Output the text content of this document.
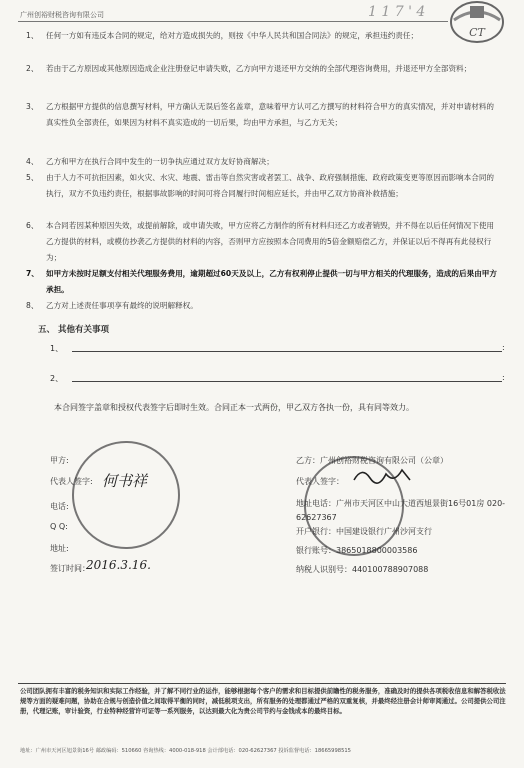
广州创裕财税咨询有限公司	1 1 7 ' 4
CT
1、 任何一方如有违反本合同的规定，给对方造成损失的，则按《中华人民共和国合同法》的规定，承担违约责任；
2、 若由于乙方原因或其他原因造成企业注册登记申请失败，乙方向甲方退还甲方交纳的全部代理咨询费用，并退还甲方全部资料；
3、 乙方根据甲方提供的信息撰写材料，甲方确认无误后签名盖章，意味着甲方认可乙方撰写的材料符合甲方的真实情况，并对申请材料的真实性负全部责任，如果因为材料不真实造成的一切后果，均由甲方承担，与乙方无关；
4、 乙方和甲方在执行合同中发生的一切争执应通过双方友好协商解决；
5、 由于人力不可抗拒因素，如火灾、水灾、地震、雷击等自然灾害或者罢工、战争、政府强制措施、政府政策变更等原因而影响本合同的执行，双方不负违约责任，根据事故影响的时间可将合同履行时间相应延长，并由甲乙双方协商补救措施；
6、 本合同若因某种原因失效，或提前解除，或申请失败，甲方应将乙方制作的所有材料归还乙方或者销毁，并不得在以后任何情况下使用乙方提供的材料，或模仿抄袭乙方提供的材料的内容，否则甲方应按照本合同费用的5倍金额赔偿乙方，并保证以后不得再有此侵权行为；
7、 如甲方未按时足额支付相关代理服务费用，逾期超过60天及以上，乙方有权利停止提供一切与甲方相关的代理服务，造成的后果由甲方承担。
8、 乙方对上述责任事项享有最终的说明解释权。
五、 其他有关事项
1、	:
2、	:
本合同签字盖章和授权代表签字后即时生效。合同正本一式两份，甲乙双方各执一份，具有同等效力。
甲方:
代表人签字: 何书祥
电话:
Q Q:
地址:
签订时间：
2016.3.16.
乙方：广州创裕财税咨询有限公司（公章）
代表人签字：
地址电话：广州市天河区中山大道西旭景街16号01房 020-62627367
开户银行：中国建设银行广州沙河支行
银行账号：3865018800003586
纳税人识别号：440100788907088
公司团队拥有丰富的税务知识和实际工作经验，并了解不同行业的运作，能够根据每个客户的需求和目标提供前瞻性的税务服务，准确及时的提供各项税收信息和解答税收法规等方面的疑难问题，协助在合规与创造价值之间取得平衡的同时，减低税项支出，所有服务的处理都通过严格的双重复核，并最终经注册会计师审阅通过。公司提供公司注册，代理记账，审计验资，行业特种经营许可证等一系列服务，以达到最大化为贵公司节约与金钱成本的最终目标。
地址：广州市天河区旭景街16号 邮政编码：510660 咨询热线：4000-018-918 会计部电话：020-62627367 投诉监督电话：18665998515
